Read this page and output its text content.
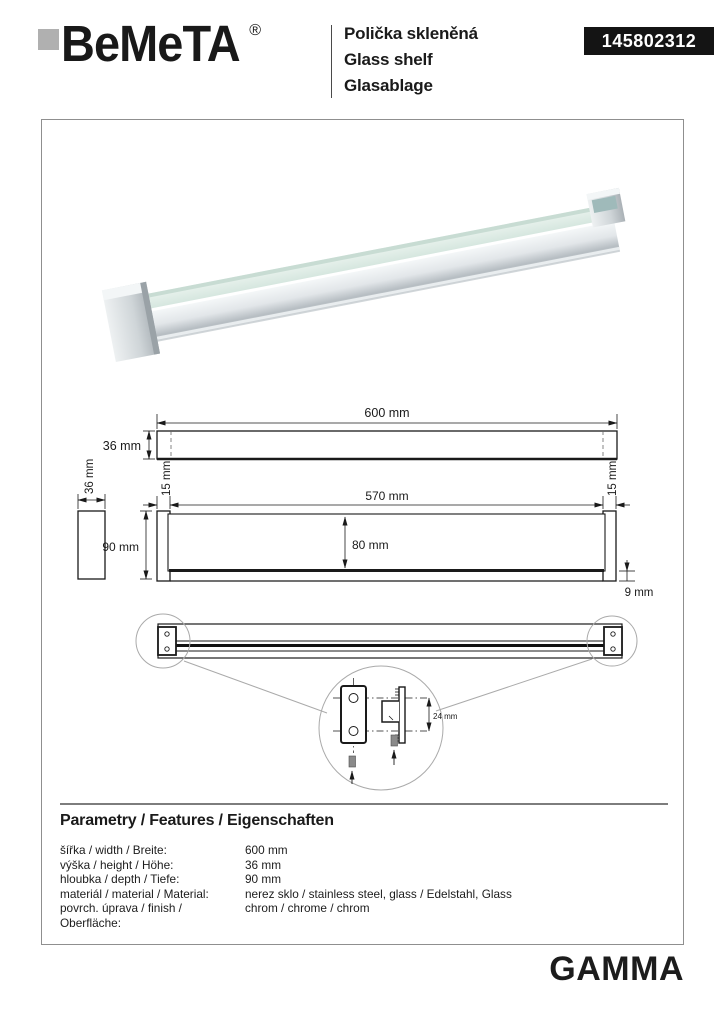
BeMeTA ®	Polička skleněná
Glass shelf
Glasablage
145802312
600 mm
36 mm
36 mm
90 mm
15 mm	15 mm
570 mm
80 mm
9 mm
24 mm
Parametry / Features / Eigenschaften
šířka / width / Breite:	600 mm
výška / height / Höhe:	36 mm
hloubka / depth / Tiefe:	90 mm
materiál / material / Material:	nerez sklo / stainless steel, glass / Edelstahl, Glass
povrch. úprava / finish / Oberfläche:
chrom / chrome / chrom
GAMMA
